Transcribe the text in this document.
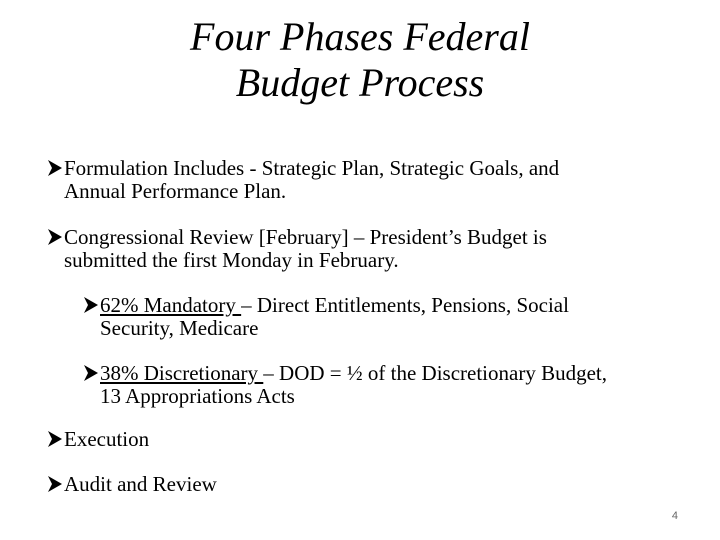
Four Phases Federal
Budget Process
Formulation Includes - Strategic Plan, Strategic Goals, and
Annual Performance Plan.
Congressional Review [February] – President’s Budget is
submitted the first Monday in February.
62% Mandatory – Direct Entitlements, Pensions, Social
Security, Medicare
38% Discretionary – DOD = ½ of the Discretionary Budget,
13 Appropriations Acts
Execution
Audit and Review
4
